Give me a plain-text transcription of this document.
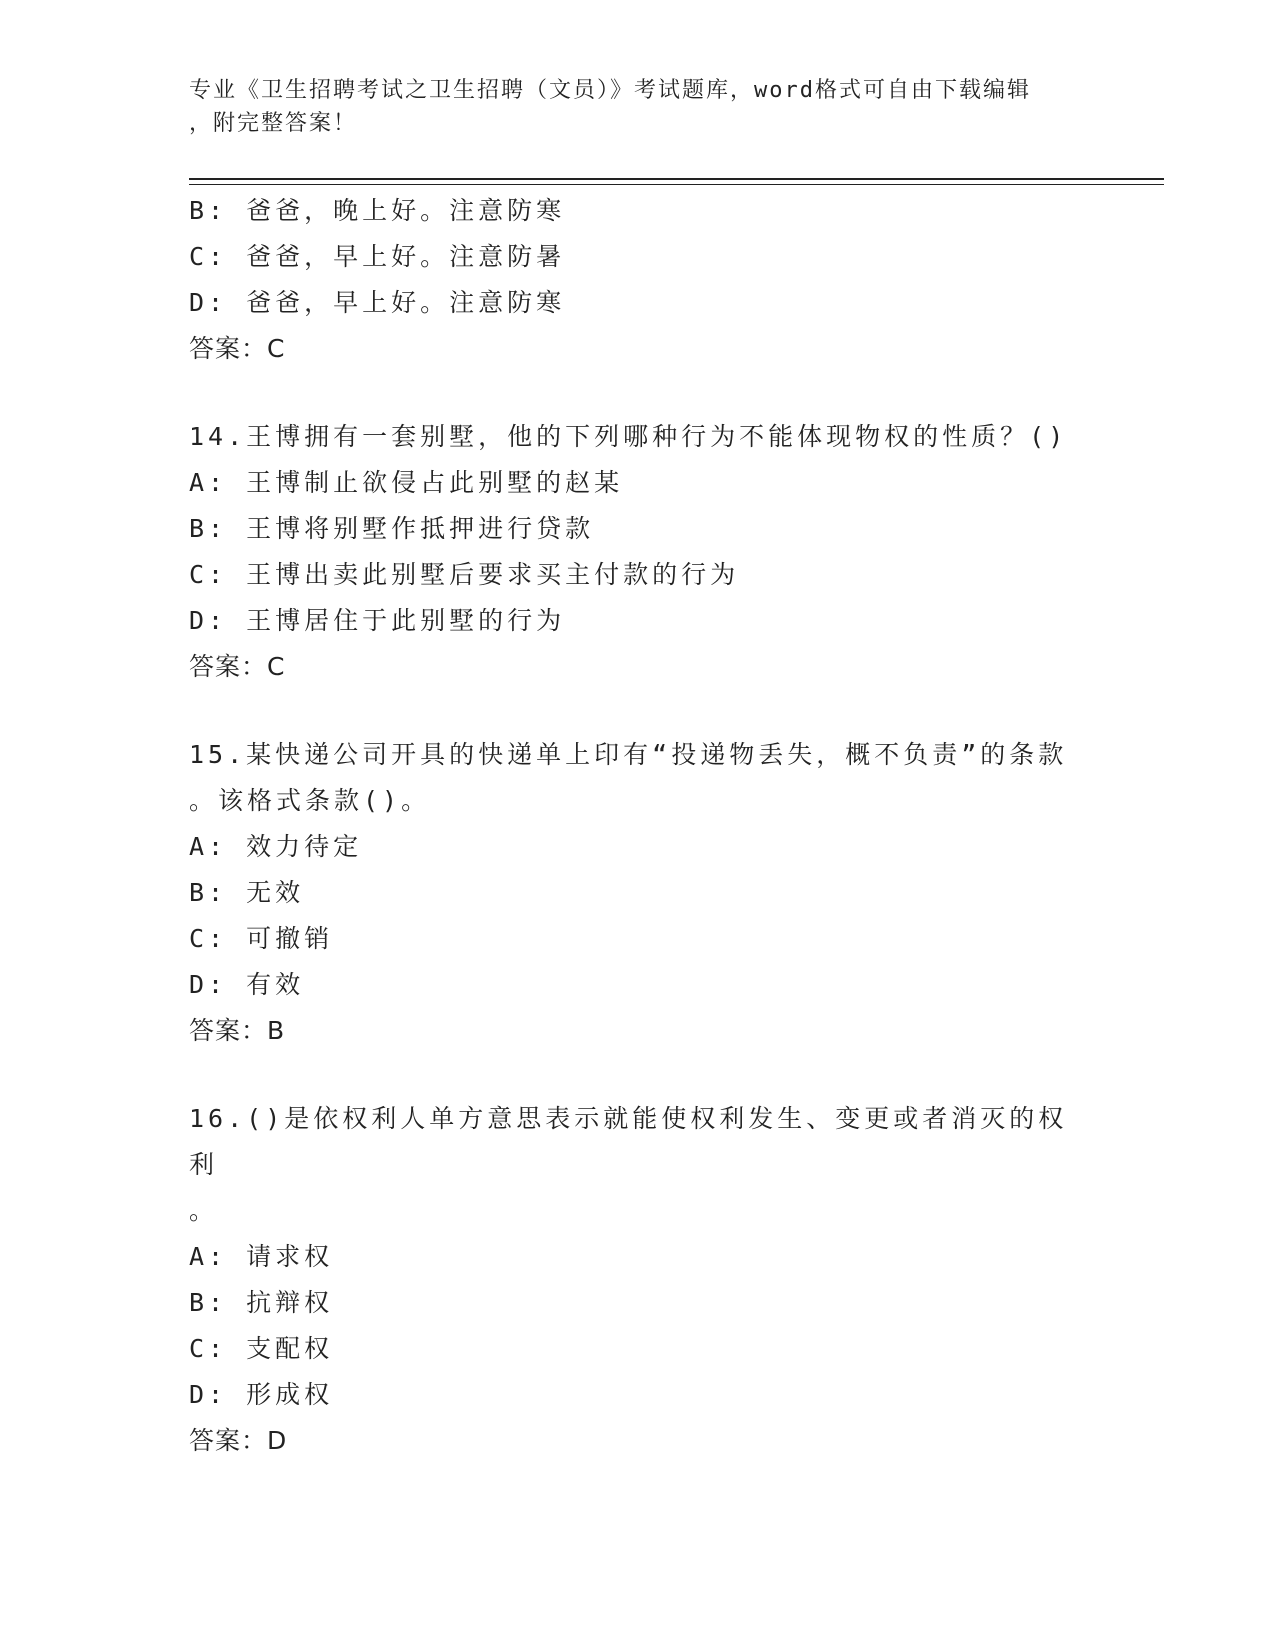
专业《卫生招聘考试之卫生招聘（文员）》考试题库，word格式可自由下载编辑
，附完整答案！
B: 爸爸，晚上好。注意防寒
C: 爸爸，早上好。注意防暑
D: 爸爸，早上好。注意防寒
答案：C
14.王博拥有一套别墅，他的下列哪种行为不能体现物权的性质？()
A: 王博制止欲侵占此别墅的赵某
B: 王博将别墅作抵押进行贷款
C: 王博出卖此别墅后要求买主付款的行为
D: 王博居住于此别墅的行为
答案：C
15.某快递公司开具的快递单上印有“投递物丢失，概不负责”的条款
。该格式条款()。
A: 效力待定
B: 无效
C: 可撤销
D: 有效
答案：B
16.()是依权利人单方意思表示就能使权利发生、变更或者消灭的权利
。
A: 请求权
B: 抗辩权
C: 支配权
D: 形成权
答案：D
